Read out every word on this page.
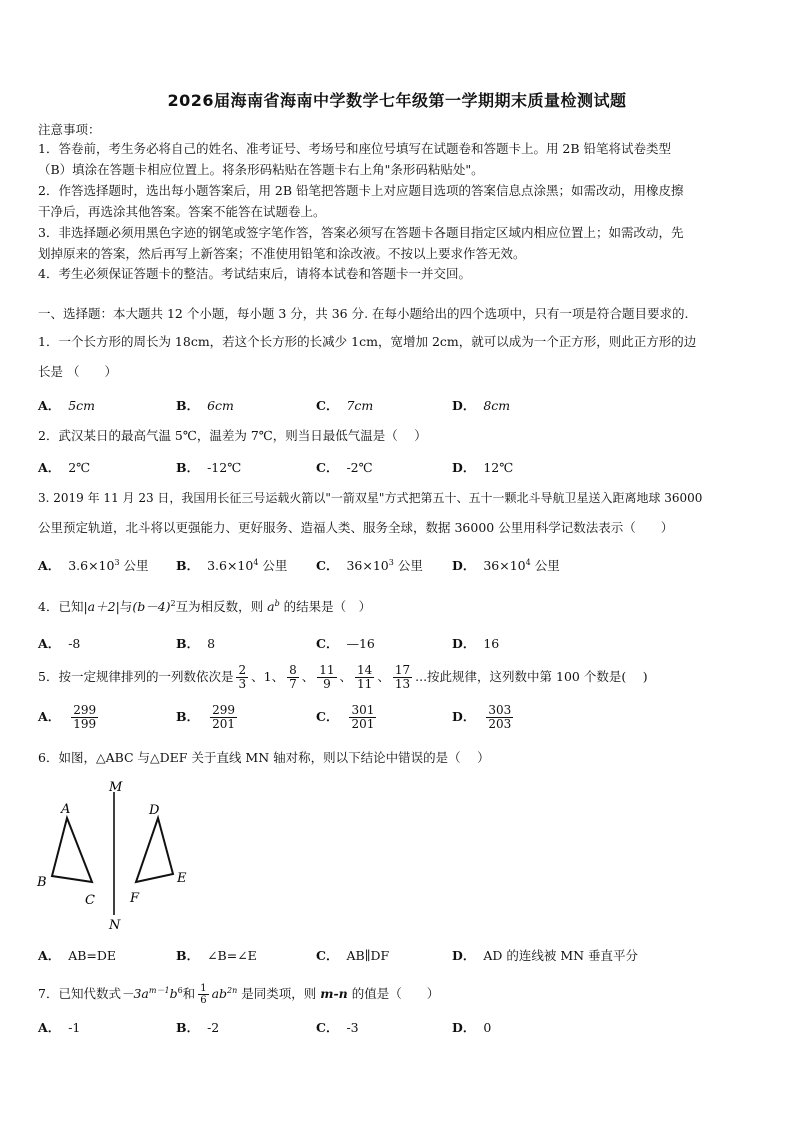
2026届海南省海南中学数学七年级第一学期期末质量检测试题
注意事项：
1．答卷前，考生务必将自己的姓名、准考证号、考场号和座位号填写在试题卷和答题卡上。用 2B 铅笔将试卷类型
（B）填涂在答题卡相应位置上。将条形码粘贴在答题卡右上角"条形码粘贴处"。
2．作答选择题时，选出每小题答案后，用 2B 铅笔把答题卡上对应题目选项的答案信息点涂黑；如需改动，用橡皮擦
干净后，再选涂其他答案。答案不能答在试题卷上。
3．非选择题必须用黑色字迹的钢笔或签字笔作答，答案必须写在答题卡各题目指定区域内相应位置上；如需改动，先
划掉原来的答案，然后再写上新答案；不准使用铅笔和涂改液。不按以上要求作答无效。
4．考生必须保证答题卡的整洁。考试结束后，请将本试卷和答题卡一并交回。
一、选择题：本大题共 12 个小题，每小题 3 分，共 36 分. 在每小题给出的四个选项中，只有一项是符合题目要求的.
1．一个长方形的周长为 18cm，若这个长方形的长减少 1cm，宽增加 2cm，就可以成为一个正方形，则此正方形的边
长是 （　　）
A． 5cm	B． 6cm	C． 7cm	D． 8cm
2．武汉某日的最高气温 5℃，温差为 7℃，则当日最低气温是（　 ）
A． 2℃	B． -12℃	C． -2℃	D． 12℃
3. 2019 年 11 月 23 日，我国用长征三号运载火箭以"一箭双星"方式把第五十、五十一颗北斗导航卫星送入距离地球 36000
公里预定轨道，北斗将以更强能力、更好服务、造福人类、服务全球，数据 36000 公里用科学记数法表示（　　）
A． $3.6\times 10^3$ 公里 B． $3.6\times 10^4$ 公里 C． $36\times 10^3$ 公里 D． $36\times 10^4$ 公里
4．已知|a＋2|与$(b-4)^2$互为相反数，则 $a^b$ 的结果是（　）
A． -8	B． 8	C． —16	D． 16
5．按一定规律排列的一列数依次是 $\frac{2}{3}$ 、1、 $\frac{8}{7}$ 、 $\frac{11}{9}$ 、 $\frac{14}{11}$ 、 $\frac{17}{13}$ ...按此规律，这列数中第 100 个数是(　 )
A． $\frac{299}{199}$	B． $\frac{299}{201}$	C． $\frac{301}{201}$	D． $\frac{303}{203}$
6．如图，△ABC 与△DEF 关于直线 MN 轴对称，则以下结论中错误的是（　 ）
M
N
A
B
C
D
E
F
A． AB=DE	B． ∠B=∠E	C． AB∥DF	D． AD 的连线被 MN 垂直平分
7．已知代数式$-3a^{m-1}b^6$和 $\frac{1}{6} ab^{2n}$ 是同类项，则 m-n 的值是（　　）
A． -1	B． -2	C． -3	D． 0
